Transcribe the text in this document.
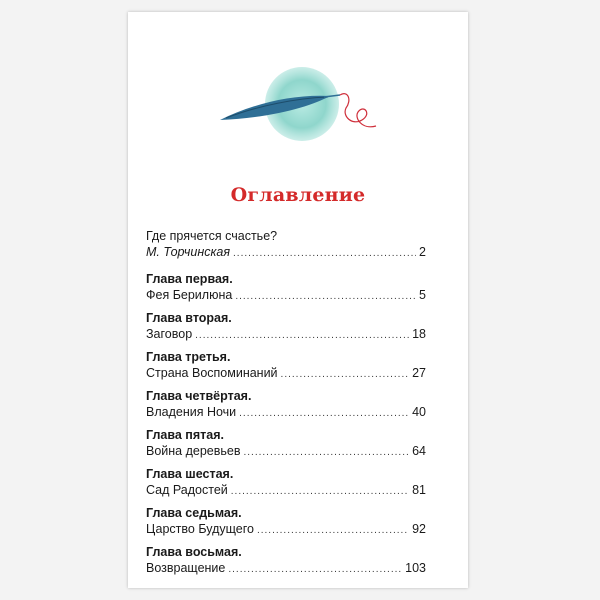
Оглавление
Где прячется счастье?
М. Торчинская .....	2
Глава первая.
Фея Берилюна .....	5
Глава вторая.
Заговор .....	18
Глава третья.
Страна Воспоминаний .....	27
Глава четвёртая.
Владения Ночи .....	40
Глава пятая.
Война деревьев .....	64
Глава шестая.
Сад Радостей .....	81
Глава седьмая.
Царство Будущего .....	92
Глава восьмая.
Возвращение .....	103
